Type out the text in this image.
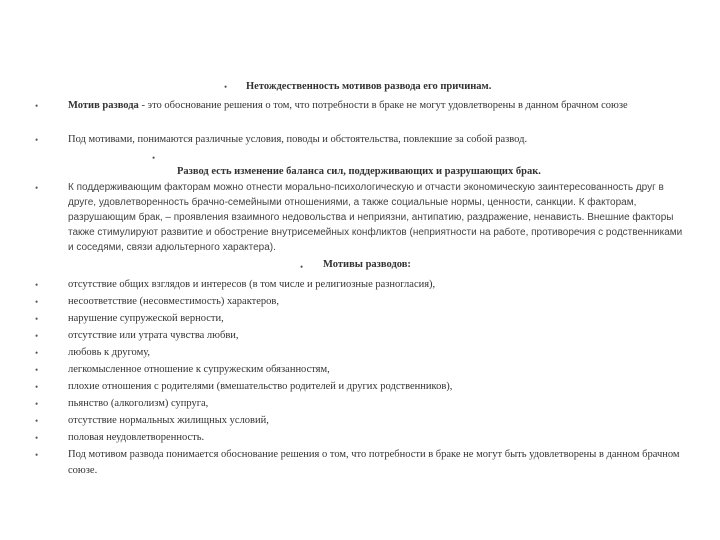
• Нетождественность мотивов развода его причинам.
•	Мотив развода - это обоснование решения о том, что потребности в браке не могут удовлетворены в данном брачном союзе
•	Под мотивами, понимаются различные условия, поводы и обстоятельства, повлекшие за собой развод.
•
Развод есть изменение баланса сил, поддерживающих и разрушающих брак.
•	К поддерживающим факторам можно отнести морально-психологическую и отчасти экономическую заинтересованность друг в друге, удовлетворенность брачно-семейными отношениями, а также социальные нормы, ценности, санкции. К факторам, разрушающим брак, – проявления взаимного недовольства и неприязни, антипатию, раздражение, ненависть. Внешние факторы также стимулируют развитие и обострение внутрисемейных конфликтов (неприятности на работе, противоречия с родственниками и соседями, связи адюльтерного характера).
• Мотивы разводов:
•	отсутствие общих взглядов и интересов (в том числе и религиозные разногласия),
•	несоответствие (несовместимость) характеров,
•	нарушение супружеской верности,
•	отсутствие или утрата чувства любви,
•	любовь к другому,
•	легкомысленное отношение к супружеским обязанностям,
•	плохие отношения с родителями (вмешательство родителей и других родственников),
•	пьянство (алкоголизм) супруга,
•	отсутствие нормальных жилищных условий,
•	половая неудовлетворенность.
•	Под мотивом развода понимается обоснование решения о том, что потребности в браке не могут быть удовлетворены в данном брачном союзе.
